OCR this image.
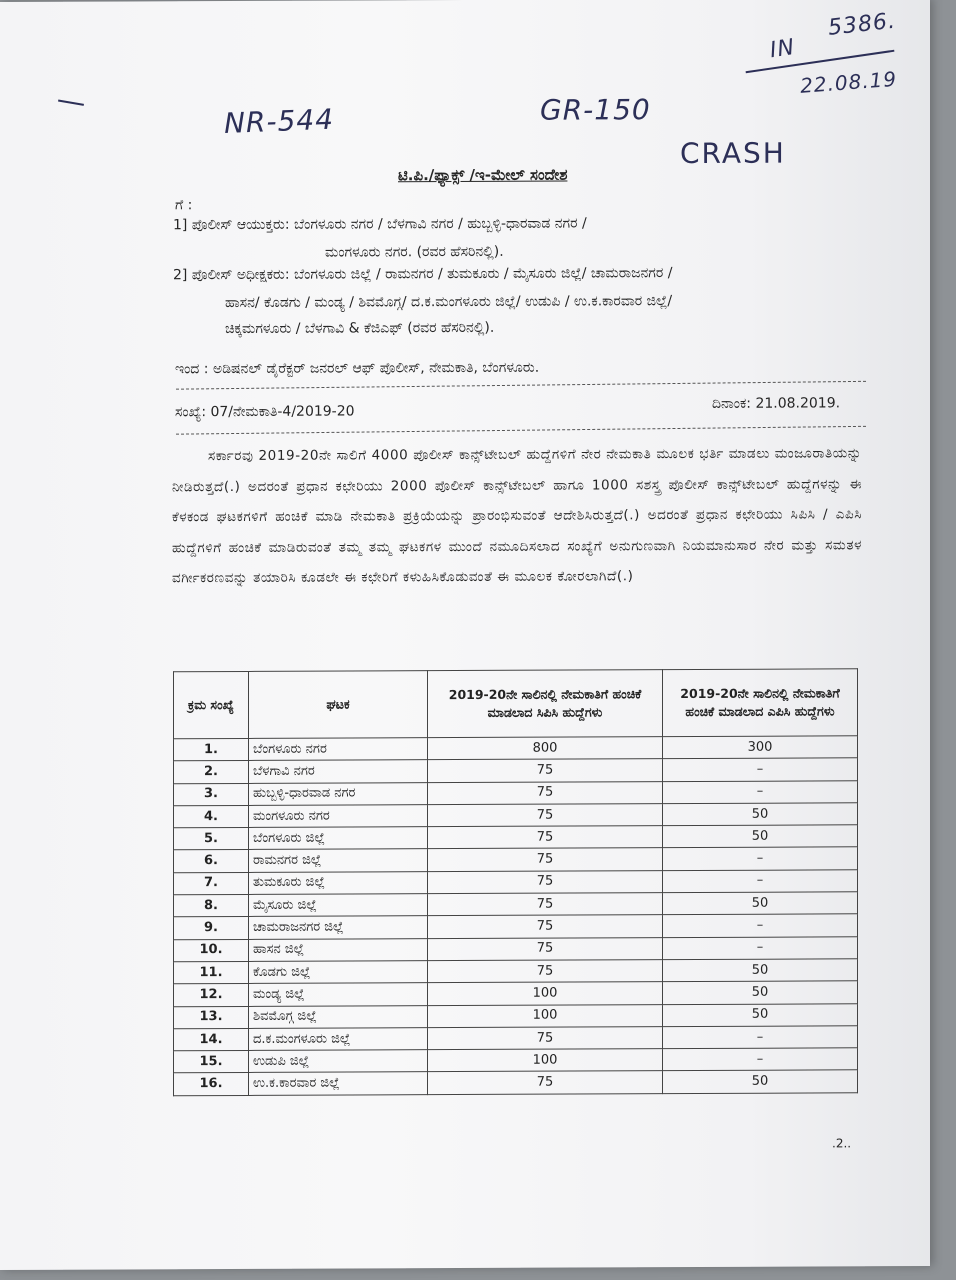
IN
5386.
22.08.19
NR-544	GR-150
CRASH
ಟಿ.ಪಿ./ಫ್ಯಾಕ್ಸ್ /ಇ-ಮೇಲ್ ಸಂದೇಶ
ಗೆ :
1] ಪೊಲೀಸ್ ಆಯುಕ್ತರು: ಬೆಂಗಳೂರು ನಗರ / ಬೆಳಗಾವಿ ನಗರ / ಹುಬ್ಬಳ್ಳಿ-ಧಾರವಾಡ ನಗರ /
ಮಂಗಳೂರು ನಗರ. (ರವರ ಹೆಸರಿನಲ್ಲಿ).
2] ಪೊಲೀಸ್ ಅಧೀಕ್ಷಕರು: ಬೆಂಗಳೂರು ಜಿಲ್ಲೆ / ರಾಮನಗರ / ತುಮಕೂರು / ಮೈಸೂರು ಜಿಲ್ಲೆ/ ಚಾಮರಾಜನಗರ /
ಹಾಸನ/ ಕೊಡಗು / ಮಂಡ್ಯ / ಶಿವಮೊಗ್ಗ/ ದ.ಕ.ಮಂಗಳೂರು ಜಿಲ್ಲೆ/ ಉಡುಪಿ / ಉ.ಕ.ಕಾರವಾರ ಜಿಲ್ಲೆ/
ಚಿಕ್ಕಮಗಳೂರು / ಬೆಳಗಾವಿ & ಕೆಜಿಎಫ್ (ರವರ ಹೆಸರಿನಲ್ಲಿ).
ಇಂದ : ಅಡಿಷನಲ್ ಡೈರೆಕ್ಟರ್ ಜನರಲ್ ಆಫ್ ಪೊಲೀಸ್, ನೇಮಕಾತಿ, ಬೆಂಗಳೂರು.
ಸಂಖ್ಯೆ: 07/ನೇಮಕಾತಿ-4/2019-20	ದಿನಾಂಕ: 21.08.2019.
ಸರ್ಕಾರವು 2019-20ನೇ ಸಾಲಿಗೆ 4000 ಪೊಲೀಸ್ ಕಾನ್ಸ್‌ಟೇಬಲ್ ಹುದ್ದೆಗಳಿಗೆ ನೇರ ನೇಮಕಾತಿ ಮೂಲಕ ಭರ್ತಿ ಮಾಡಲು ಮಂಜೂರಾತಿಯನ್ನು ನೀಡಿರುತ್ತದೆ(.) ಅದರಂತೆ ಪ್ರಧಾನ ಕಛೇರಿಯು 2000 ಪೊಲೀಸ್ ಕಾನ್ಸ್‌ಟೇಬಲ್ ಹಾಗೂ 1000 ಸಶಸ್ತ್ರ ಪೊಲೀಸ್ ಕಾನ್ಸ್‌ಟೇಬಲ್ ಹುದ್ದೆಗಳನ್ನು ಈ ಕೆಳಕಂಡ ಘಟಕಗಳಿಗೆ ಹಂಚಿಕೆ ಮಾಡಿ ನೇಮಕಾತಿ ಪ್ರಕ್ರಿಯೆಯನ್ನು ಪ್ರಾರಂಭಿಸುವಂತೆ ಆದೇಶಿಸಿರುತ್ತದೆ(.) ಅದರಂತೆ ಪ್ರಧಾನ ಕಛೇರಿಯು ಸಿಪಿಸಿ / ಎಪಿಸಿ ಹುದ್ದೆಗಳಿಗೆ ಹಂಚಿಕೆ ಮಾಡಿರುವಂತೆ ತಮ್ಮ ತಮ್ಮ ಘಟಕಗಳ ಮುಂದೆ ನಮೂದಿಸಲಾದ ಸಂಖ್ಯೆಗೆ ಅನುಗುಣವಾಗಿ ನಿಯಮಾನುಸಾರ ನೇರ ಮತ್ತು ಸಮತಳ ವರ್ಗೀಕರಣವನ್ನು ತಯಾರಿಸಿ ಕೂಡಲೇ ಈ ಕಛೇರಿಗೆ ಕಳುಹಿಸಿಕೊಡುವಂತೆ ಈ ಮೂಲಕ ಕೋರಲಾಗಿದೆ(.)
ಕ್ರಮ ಸಂಖ್ಯೆ	ಘಟಕ	2019-20ನೇ ಸಾಲಿನಲ್ಲಿ ನೇಮಕಾತಿಗೆ ಹಂಚಿಕೆ ಮಾಡಲಾದ ಸಿಪಿಸಿ ಹುದ್ದೆಗಳು	2019-20ನೇ ಸಾಲಿನಲ್ಲಿ ನೇಮಕಾತಿಗೆ ಹಂಚಿಕೆ ಮಾಡಲಾದ ಎಪಿಸಿ ಹುದ್ದೆಗಳು
1.	ಬೆಂಗಳೂರು ನಗರ	800	300
2.	ಬೆಳಗಾವಿ ನಗರ	75	–
3.	ಹುಬ್ಬಳ್ಳಿ-ಧಾರವಾಡ ನಗರ	75	–
4.	ಮಂಗಳೂರು ನಗರ	75	50
5.	ಬೆಂಗಳೂರು ಜಿಲ್ಲೆ	75	50
6.	ರಾಮನಗರ ಜಿಲ್ಲೆ	75	–
7.	ತುಮಕೂರು ಜಿಲ್ಲೆ	75	–
8.	ಮೈಸೂರು ಜಿಲ್ಲೆ	75	50
9.	ಚಾಮರಾಜನಗರ ಜಿಲ್ಲೆ	75	–
10.	ಹಾಸನ ಜಿಲ್ಲೆ	75	–
11.	ಕೊಡಗು ಜಿಲ್ಲೆ	75	50
12.	ಮಂಡ್ಯ ಜಿಲ್ಲೆ	100	50
13.	ಶಿವಮೊಗ್ಗ ಜಿಲ್ಲೆ	100	50
14.	ದ.ಕ.ಮಂಗಳೂರು ಜಿಲ್ಲೆ	75	–
15.	ಉಡುಪಿ ಜಿಲ್ಲೆ	100	–
16.	ಉ.ಕ.ಕಾರವಾರ ಜಿಲ್ಲೆ	75	50
.2..
